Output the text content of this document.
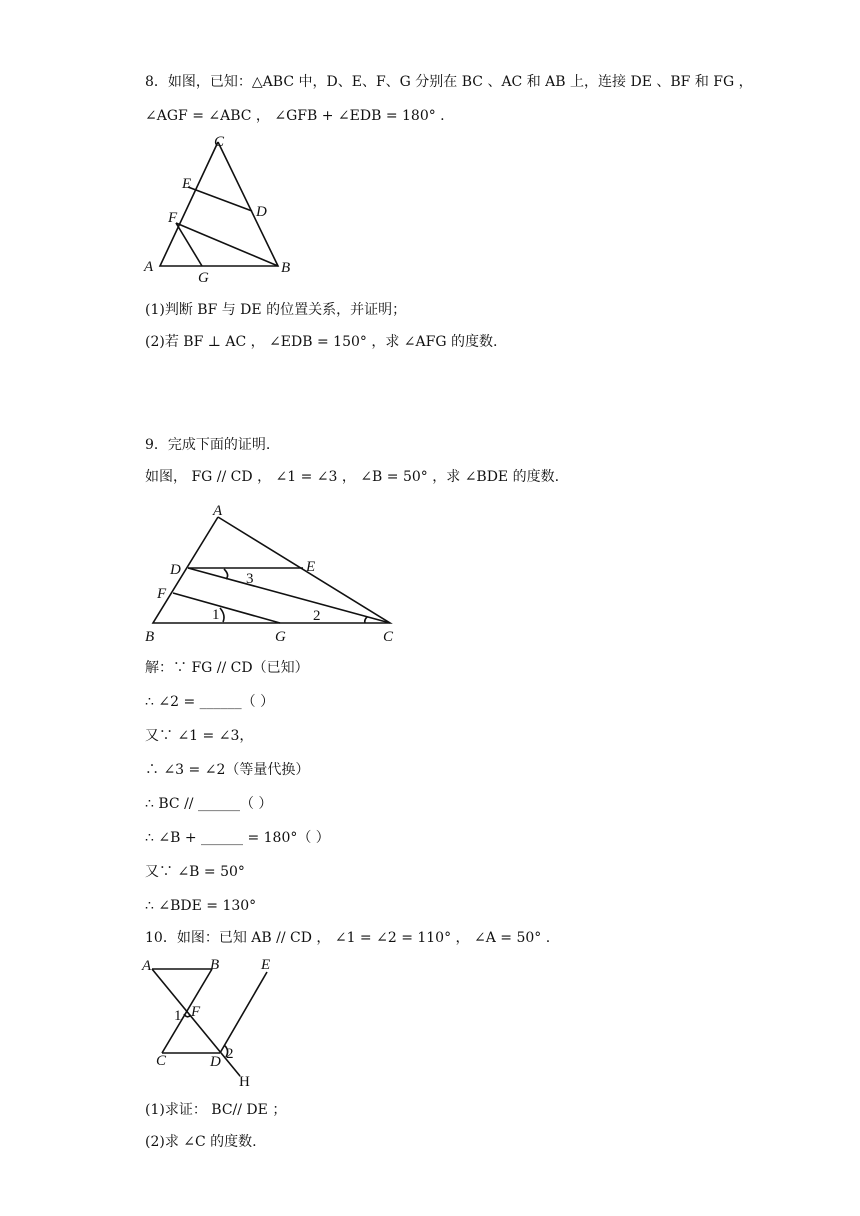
8．如图，已知：△ABC 中，D、E、F、G 分别在 BC 、AC 和 AB 上，连接 DE 、BF 和 FG ，
∠AGF = ∠ABC ， ∠GFB + ∠EDB = 180° .
C
E
D
F
A
G
B
(1)判断 BF 与 DE 的位置关系，并证明；
(2)若 BF ⊥ AC ， ∠EDB = 150° ，求 ∠AFG 的度数.
9．完成下面的证明.
如图， FG // CD ， ∠1 = ∠3 ， ∠B = 50° ，求 ∠BDE 的度数.
A
D	E
F
B	G	C
1	2
3
解：∵ FG // CD（已知）
∴ ∠2 = ______（ ）
又∵ ∠1 = ∠3，
∴ ∠3 = ∠2（等量代换）
∴ BC // ______（ ）
∴ ∠B + ______ = 180°（ ）
又∵ ∠B = 50°
∴ ∠BDE = 130°
10．如图：已知 AB // CD ， ∠1 = ∠2 = 110° ， ∠A = 50° .
A	B	E
F
1
C	D 2
H
(1)求证： BC// DE ；
(2)求 ∠C 的度数.
